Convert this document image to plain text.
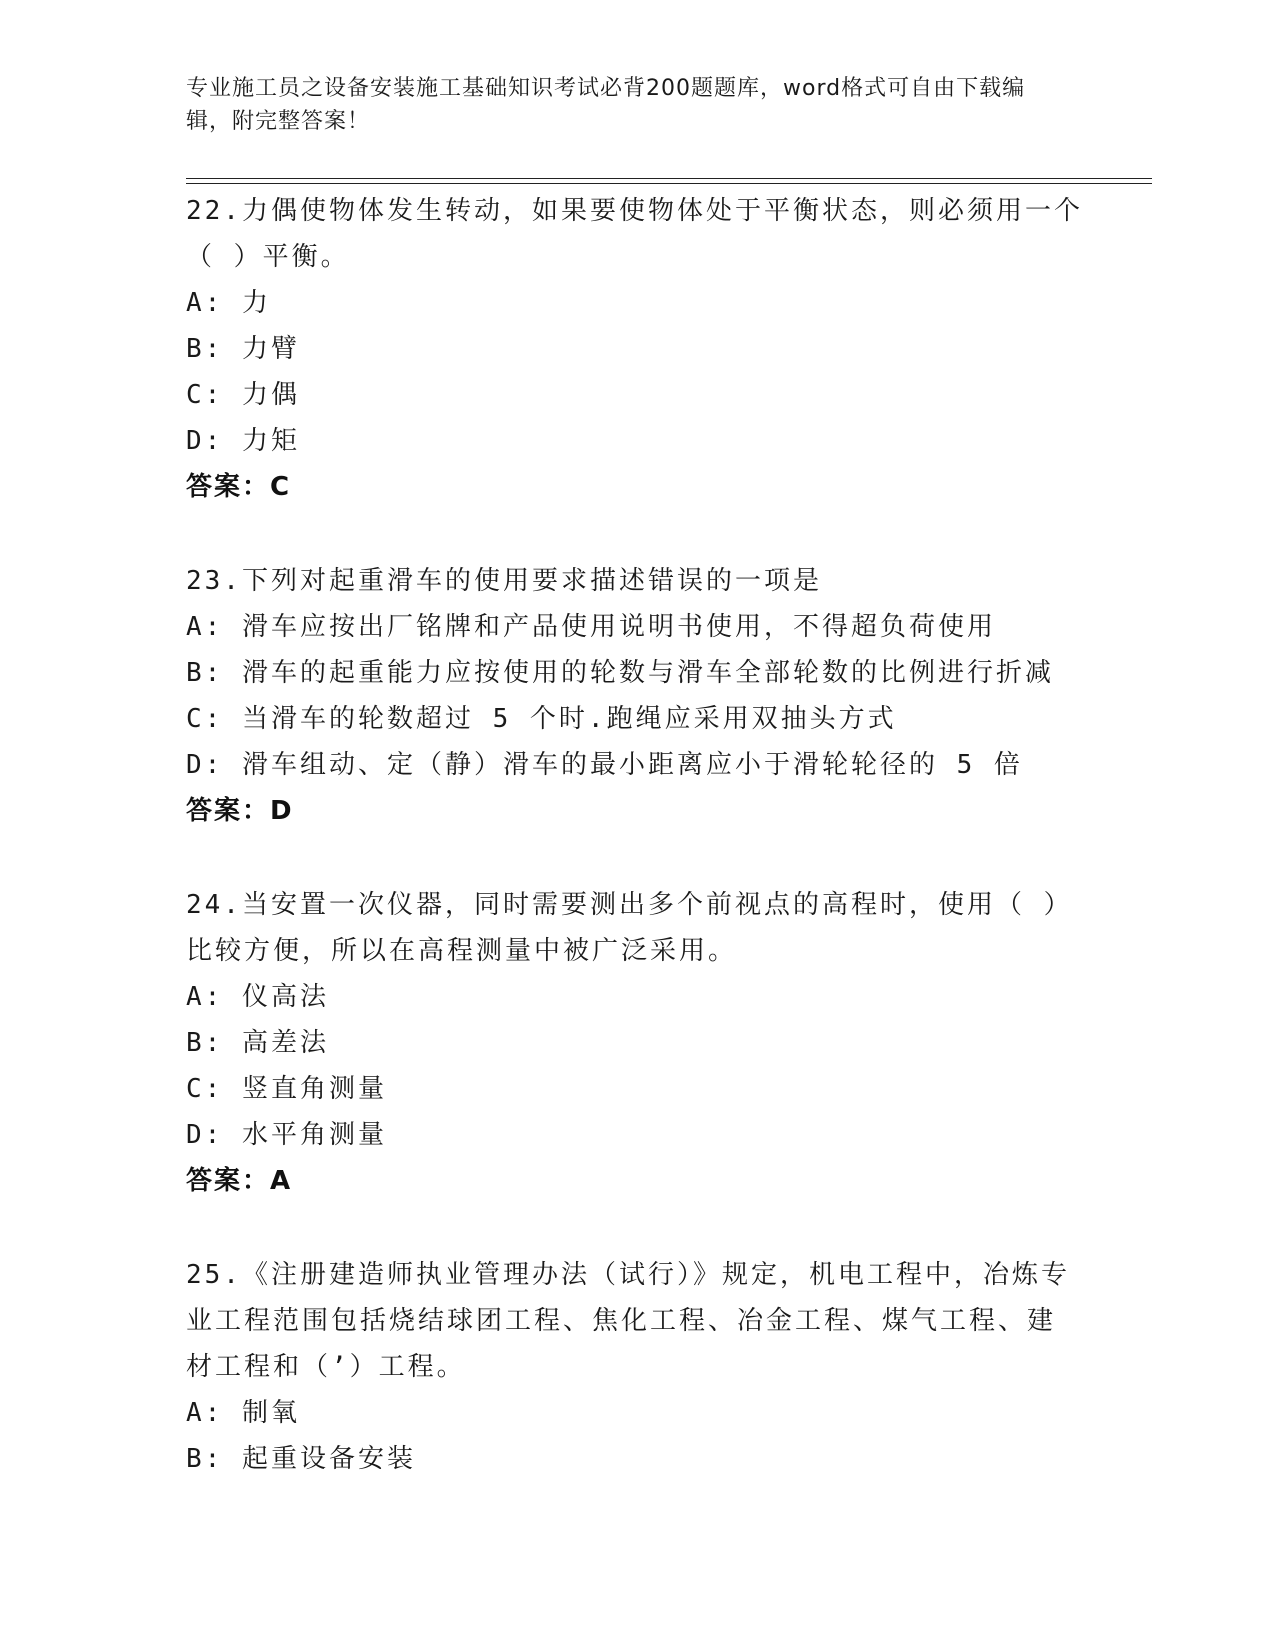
专业施工员之设备安装施工基础知识考试必背200题题库，word格式可自由下载编辑，附完整答案！
22.力偶使物体发生转动，如果要使物体处于平衡状态，则必须用一个
（ ）平衡。
A: 力
B: 力臂
C: 力偶
D: 力矩
答案：C
23.下列对起重滑车的使用要求描述错误的一项是
A: 滑车应按出厂铭牌和产品使用说明书使用，不得超负荷使用
B: 滑车的起重能力应按使用的轮数与滑车全部轮数的比例进行折减
C: 当滑车的轮数超过 5 个时.跑绳应采用双抽头方式
D: 滑车组动、定（静）滑车的最小距离应小于滑轮轮径的 5 倍
答案：D
24.当安置一次仪器，同时需要测出多个前视点的高程时，使用（ ）
比较方便，所以在高程测量中被广泛采用。
A: 仪高法
B: 高差法
C: 竖直角测量
D: 水平角测量
答案：A
25.《注册建造师执业管理办法（试行）》规定，机电工程中，冶炼专
业工程范围包括烧结球团工程、焦化工程、冶金工程、煤气工程、建
材工程和（’）工程。
A: 制氧
B: 起重设备安装
